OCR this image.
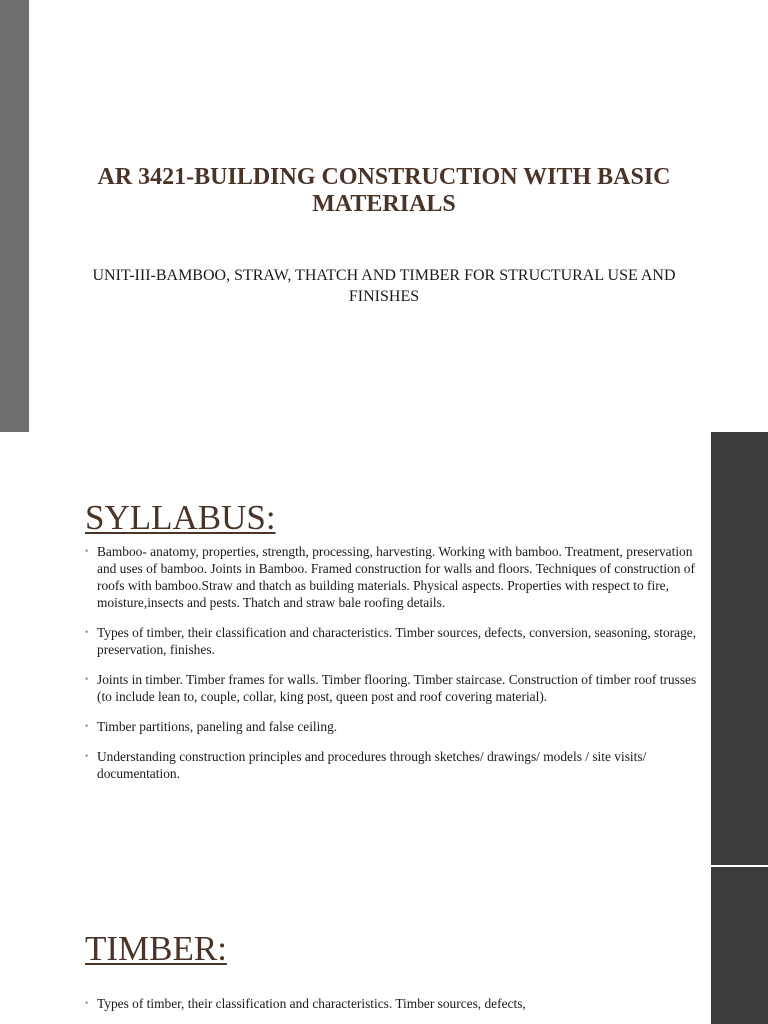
AR 3421-BUILDING CONSTRUCTION WITH BASIC MATERIALS

UNIT-III-BAMBOO, STRAW, THATCH AND TIMBER FOR STRUCTURAL USE AND FINISHES

SYLLABUS:
• Bamboo- anatomy, properties, strength, processing, harvesting. Working with bamboo. Treatment, preservation and uses of bamboo. Joints in Bamboo. Framed construction for walls and floors. Techniques of construction of roofs with bamboo.Straw and thatch as building materials. Physical aspects. Properties with respect to fire, moisture,insects and pests. Thatch and straw bale roofing details.
• Types of timber, their classification and characteristics. Timber sources, defects, conversion, seasoning, storage, preservation, finishes.
• Joints in timber. Timber frames for walls. Timber flooring. Timber staircase. Construction of timber roof trusses (to include lean to, couple, collar, king post, queen post and roof covering material).
• Timber partitions, paneling and false ceiling.
• Understanding construction principles and procedures through sketches/ drawings/ models / site visits/ documentation.
TIMBER:
• Types of timber, their classification and characteristics. Timber sources, defects,
